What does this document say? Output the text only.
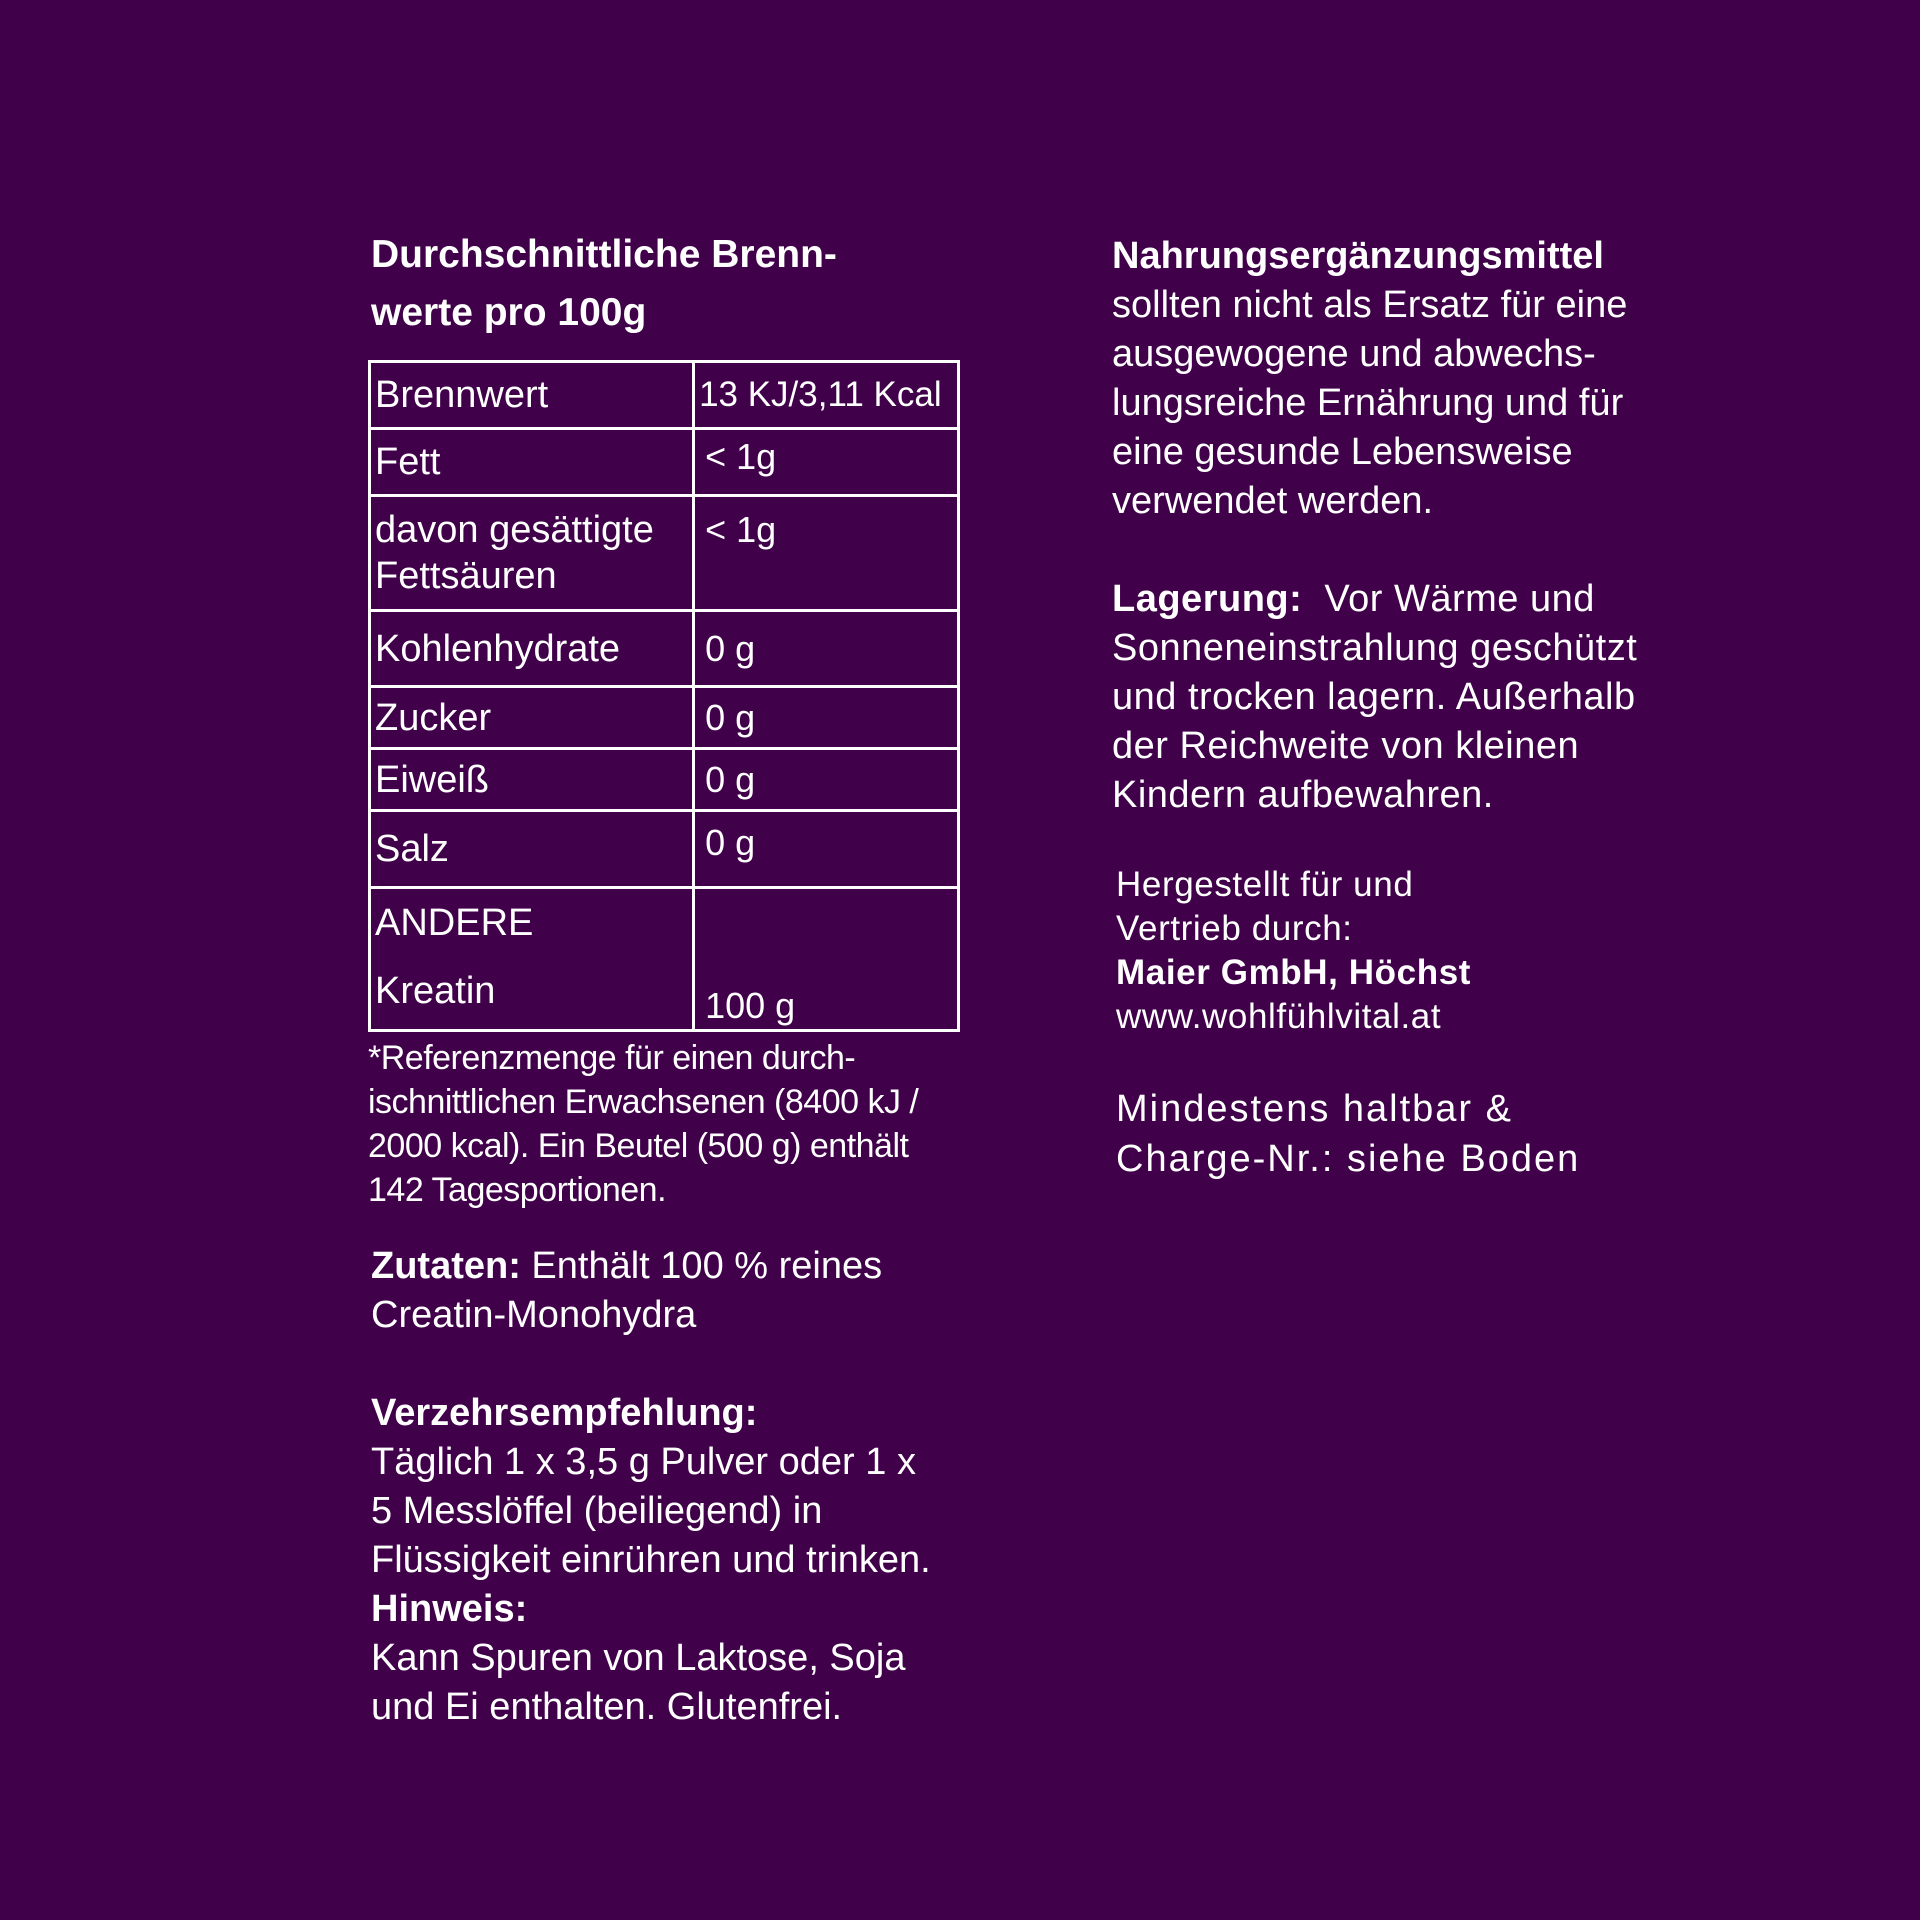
Durchschnittliche Brenn-
werte pro 100g
Brennwert	13 KJ/3,11 Kcal
Fett	< 1g

davon gesättigte
Fettsäuren	< 1g
Kohlenhydrate	0 g
Zucker	0 g
Eiweiß	0 g
Salz	0 g

ANDERE
Kreatin	100 g
*Referenzmenge für einen durch-
ischnittlichen Erwachsenen (8400 kJ /
2000 kcal). Ein Beutel (500 g) enthält
142 Tagesportionen.

Zutaten: Enthält 100 % reines
Creatin-Monohydra

Verzehrsempfehlung:
Täglich 1 x 3,5 g Pulver oder 1 x
5 Messlöffel (beiliegend) in
Flüssigkeit einrühren und trinken.
Hinweis:
Kann Spuren von Laktose, Soja
und Ei enthalten. Glutenfrei.

Nahrungsergänzungsmittel
sollten nicht als Ersatz für eine
ausgewogene und abwechs-
lungsreiche Ernährung und für
eine gesunde Lebensweise
verwendet werden.

Lagerung:  Vor Wärme und
Sonneneinstrahlung geschützt
und trocken lagern. Außerhalb
der Reichweite von kleinen
Kindern aufbewahren.

Hergestellt für und
Vertrieb durch:
Maier GmbH, Höchst
www.wohlfühlvital.at

Mindestens haltbar &
Charge-Nr.: siehe Boden
